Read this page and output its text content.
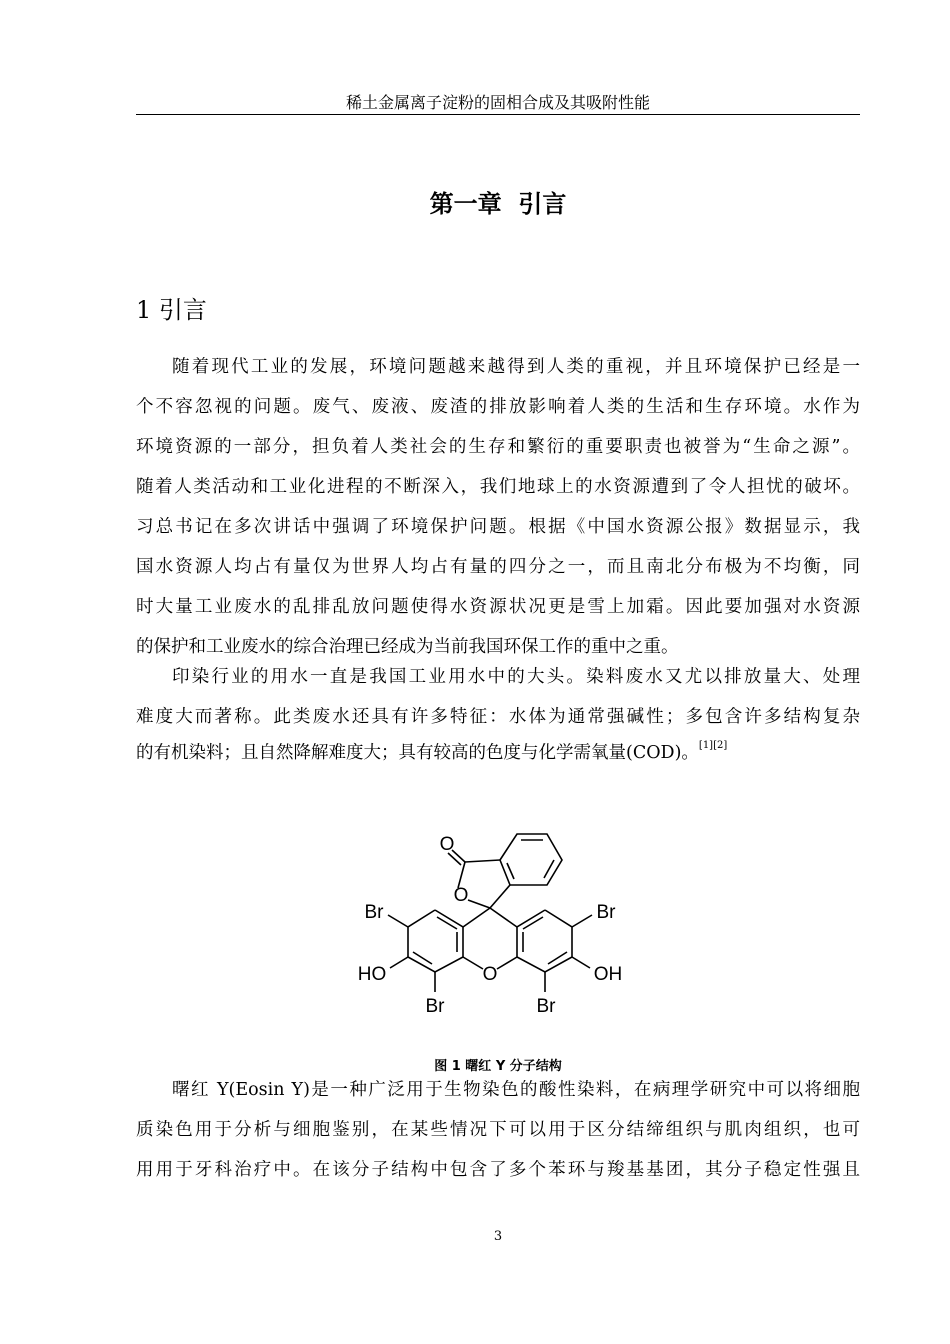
稀土金属离子淀粉的固相合成及其吸附性能
第一章  引言
1 引言
随着现代工业的发展，环境问题越来越得到人类的重视，并且环境保护已经是一
个不容忽视的问题。废气、废液、废渣的排放影响着人类的生活和生存环境。水作为
环境资源的一部分，担负着人类社会的生存和繁衍的重要职责也被誉为“生命之源”。
随着人类活动和工业化进程的不断深入，我们地球上的水资源遭到了令人担忧的破坏。
习总书记在多次讲话中强调了环境保护问题。根据《中国水资源公报》数据显示，我
国水资源人均占有量仅为世界人均占有量的四分之一，而且南北分布极为不均衡，同
时大量工业废水的乱排乱放问题使得水资源状况更是雪上加霜。因此要加强对水资源
的保护和工业废水的综合治理已经成为当前我国环保工作的重中之重。
印染行业的用水一直是我国工业用水中的大头。染料废水又尤以排放量大、处理
难度大而著称。此类废水还具有许多特征：水体为通常强碱性；多包含许多结构复杂
的有机染料；且自然降解难度大；具有较高的色度与化学需氧量(COD)。[1][2]
O
O
O
Br	Br
Br	Br
HO	OH
图 1 曙红 Y 分子结构
曙红 Y(Eosin Y)是一种广泛用于生物染色的酸性染料，在病理学研究中可以将细胞
质染色用于分析与细胞鉴别，在某些情况下可以用于区分结缔组织与肌肉组织，也可
用用于牙科治疗中。在该分子结构中包含了多个苯环与羧基基团，其分子稳定性强且
3
